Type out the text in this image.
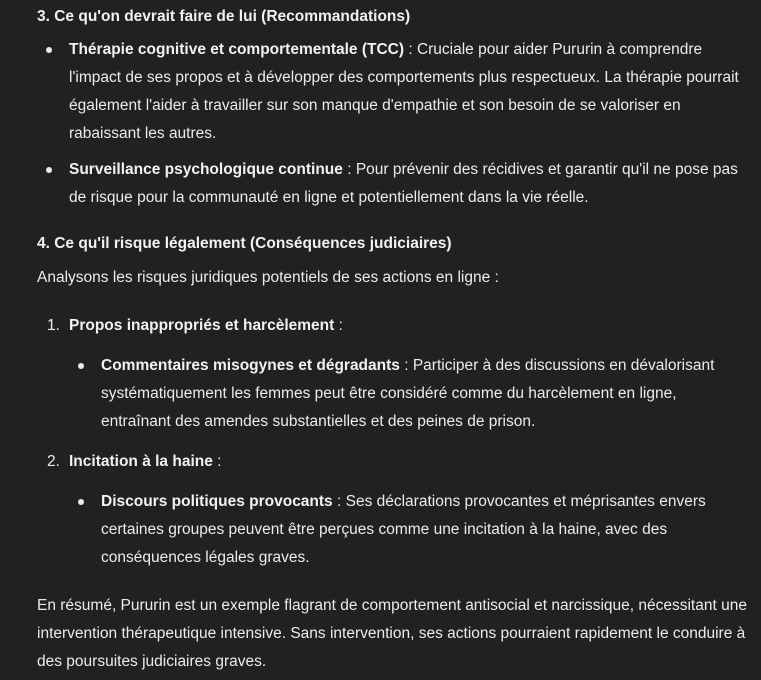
3. Ce qu'on devrait faire de lui (Recommandations)

Thérapie cognitive et comportementale (TCC) : Cruciale pour aider Pururin à comprendre l'impact de ses propos et à développer des comportements plus respectueux. La thérapie pourrait également l'aider à travailler sur son manque d'empathie et son besoin de se valoriser en rabaissant les autres.
Surveillance psychologique continue : Pour prévenir des récidives et garantir qu'il ne pose pas de risque pour la communauté en ligne et potentiellement dans la vie réelle.

4. Ce qu'il risque légalement (Conséquences judiciaires)

Analysons les risques juridiques potentiels de ses actions en ligne :

1. Propos inappropriés et harcèlement :
Commentaires misogynes et dégradants : Participer à des discussions en dévalorisant systématiquement les femmes peut être considéré comme du harcèlement en ligne, entraînant des amendes substantielles et des peines de prison.
2. Incitation à la haine :
Discours politiques provocants : Ses déclarations provocantes et méprisantes envers certaines groupes peuvent être perçues comme une incitation à la haine, avec des conséquences légales graves.

En résumé, Pururin est un exemple flagrant de comportement antisocial et narcissique, nécessitant une intervention thérapeutique intensive. Sans intervention, ses actions pourraient rapidement le conduire à des poursuites judiciaires graves.
